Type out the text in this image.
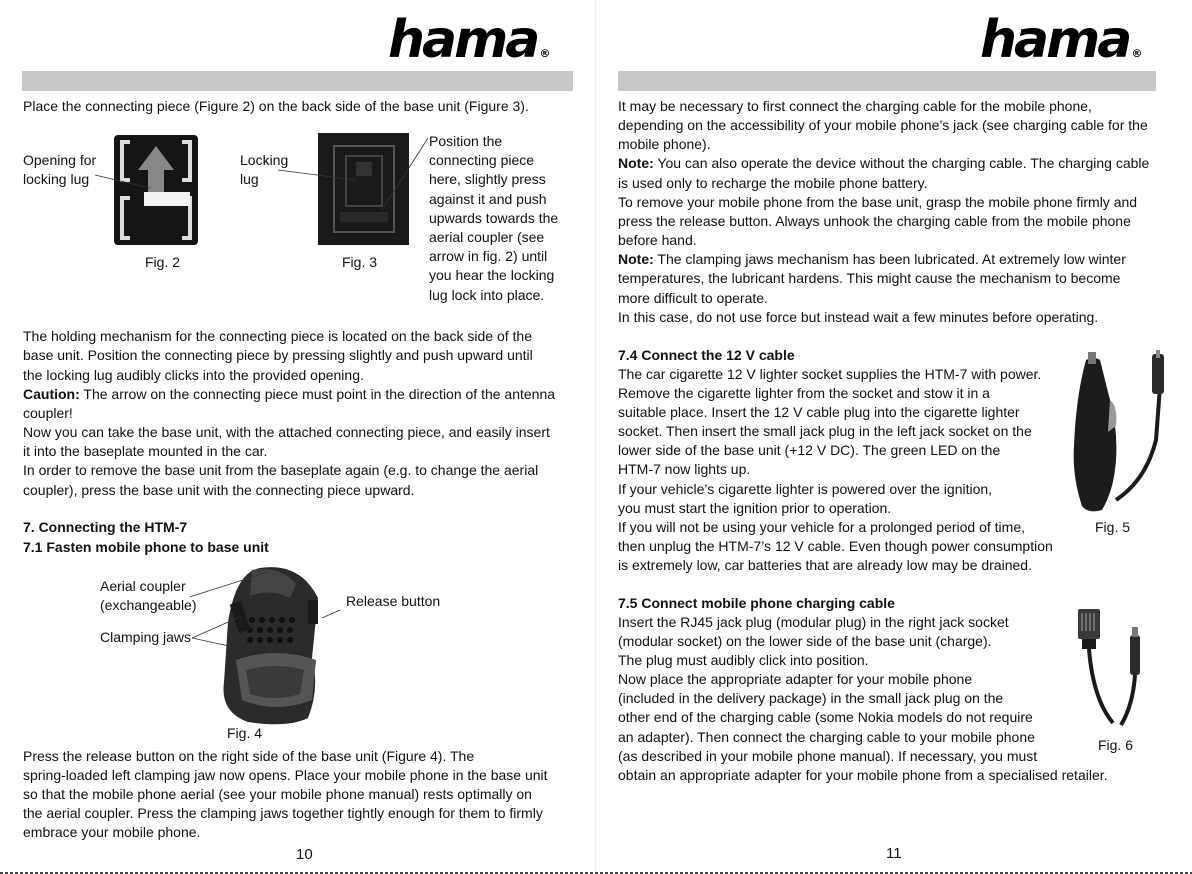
hama ®
Place the connecting piece (Figure 2) on the back side of the base unit (Figure 3).
Opening for
locking lug
Fig. 2
Locking
lug
Fig. 3
Position the
connecting piece
here, slightly press
against it and push
upwards towards the
aerial coupler (see
arrow in fig. 2) until
you hear the locking
lug lock into place.
The holding mechanism for the connecting piece is located on the back side of the
base unit. Position the connecting piece by pressing slightly and push upward until
the locking lug audibly clicks into the provided opening.
Caution: The arrow on the connecting piece must point in the direction of the antenna
coupler!
Now you can take the base unit, with the attached connecting piece, and easily insert
it into the baseplate mounted in the car.
In order to remove the base unit from the baseplate again (e.g. to change the aerial
coupler), press the base unit with the connecting piece upward.
7. Connecting the HTM-7
7.1 Fasten mobile phone to base unit
Aerial coupler
(exchangeable)
Clamping jaws
Release button
Fig. 4
Press the release button on the right side of the base unit (Figure 4). The
spring-loaded left clamping jaw now opens. Place your mobile phone in the base unit
so that the mobile phone aerial (see your mobile phone manual) rests optimally on
the aerial coupler. Press the clamping jaws together tightly enough for them to firmly
embrace your mobile phone.
10
hama ®
It may be necessary to first connect the charging cable for the mobile phone,
depending on the accessibility of your mobile phone’s jack (see charging cable for the
mobile phone).
Note: You can also operate the device without the charging cable. The charging cable
is used only to recharge the mobile phone battery.
To remove your mobile phone from the base unit, grasp the mobile phone firmly and
press the release button. Always unhook the charging cable from the mobile phone
before hand.
Note: The clamping jaws mechanism has been lubricated. At extremely low winter
temperatures, the lubricant hardens. This might cause the mechanism to become
more difficult to operate.
In this case, do not use force but instead wait a few minutes before operating.
7.4 Connect the 12 V cable
The car cigarette 12 V lighter socket supplies the HTM-7 with power.
Remove the cigarette lighter from the socket and stow it in a
suitable place. Insert the 12 V cable plug into the cigarette lighter
socket. Then insert the small jack plug in the left jack socket on the
lower side of the base unit (+12 V DC). The green LED on the
HTM-7 now lights up.
If your vehicle’s cigarette lighter is powered over the ignition,
you must start the ignition prior to operation.
If you will not be using your vehicle for a prolonged period of time,
then unplug the HTM-7’s 12 V cable. Even though power consumption
is extremely low, car batteries that are already low may be drained.
Fig. 5
7.5 Connect mobile phone charging cable
Insert the RJ45 jack plug (modular plug) in the right jack socket
(modular socket) on the lower side of the base unit (charge).
The plug must audibly click into position.
Now place the appropriate adapter for your mobile phone
(included in the delivery package) in the small jack plug on the
other end of the charging cable (some Nokia models do not require
an adapter). Then connect the charging cable to your mobile phone
(as described in your mobile phone manual). If necessary, you must
obtain an appropriate adapter for your mobile phone from a specialised retailer.
Fig. 6
11
